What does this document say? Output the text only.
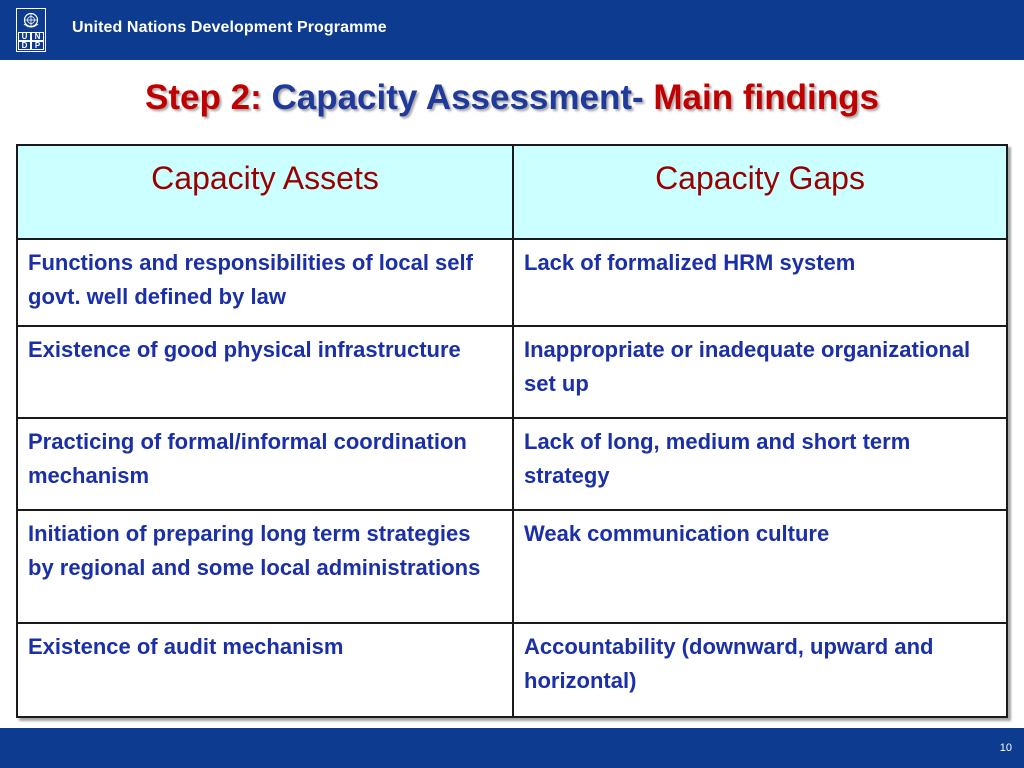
U N
D P
United Nations Development Programme
Step 2: Capacity Assessment- Main findings
Capacity Assets	Capacity Gaps
Functions and responsibilities of local self govt. well defined by law	Lack of formalized HRM system
Existence of good physical infrastructure	Inappropriate or inadequate organizational set up
Practicing of formal/informal coordination mechanism	Lack of long, medium and short term strategy
Initiation of preparing long term strategies by regional and some local administrations	Weak communication culture
Existence of audit mechanism	Accountability (downward, upward and horizontal)
10
